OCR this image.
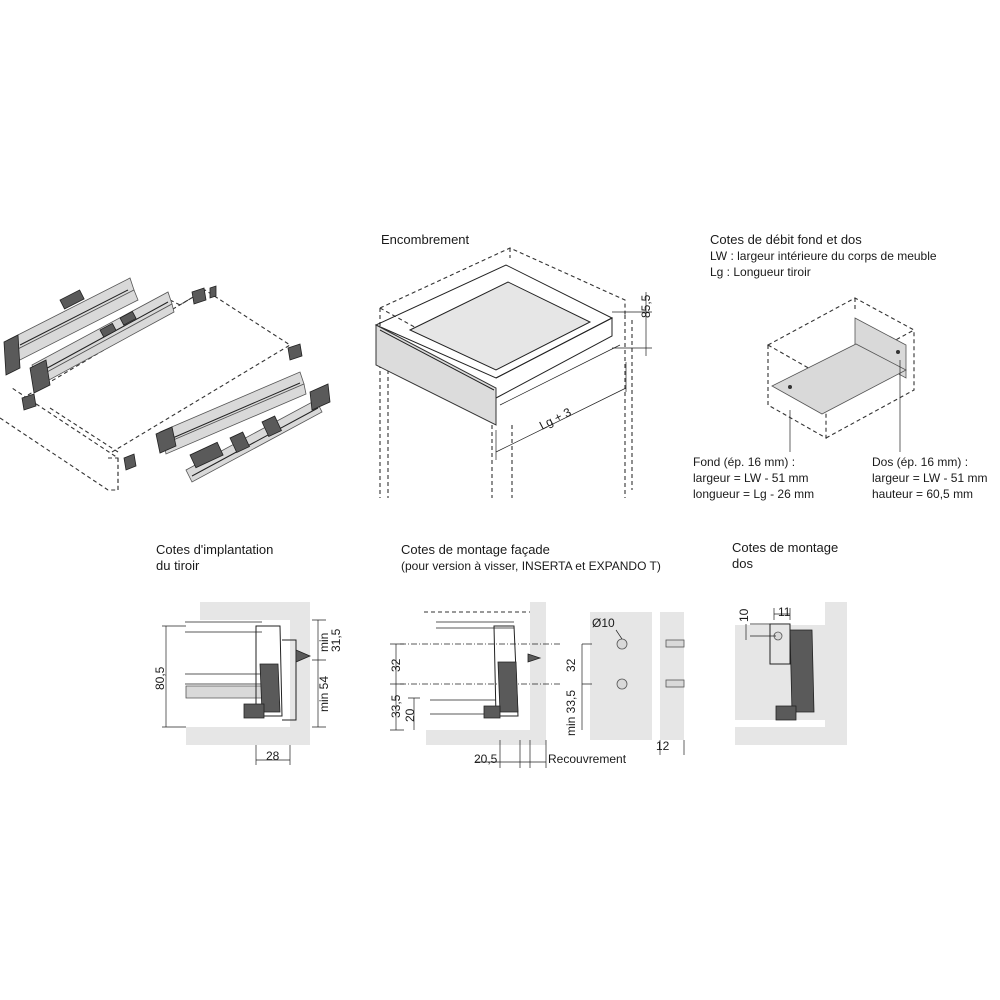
Encombrement
85,5
Lg + 3
Cotes de débit fond et dos
LW : largeur intérieure du corps de meuble
Lg : Longueur tiroir
Fond (ép. 16 mm) :
largeur = LW - 51 mm
longueur = Lg - 26 mm
Dos (ép. 16 mm) :
largeur = LW - 51 mm
hauteur = 60,5 mm
Cotes d'implantation
du tiroir
80,5
min
31,5
min 54
28
Cotes de montage façade
(pour version à visser, INSERTA et EXPANDO T)
32
33,5 20
20,5	Recouvrement
Ø10
32
min 33,5
12
Cotes de montage
dos
10 11
